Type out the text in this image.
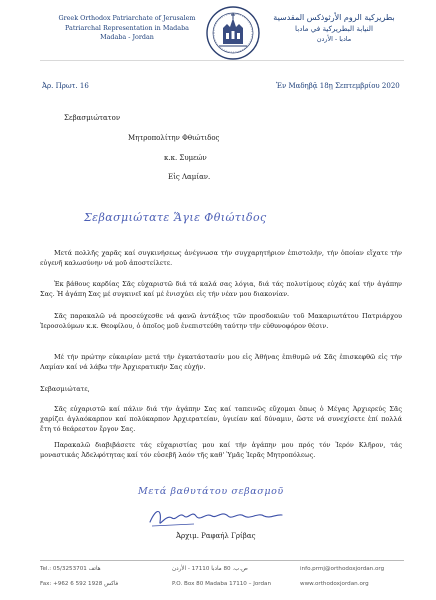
Greek Orthodox Patriarchate of Jerusalem
Patriarchal Representation in Madaba
Madaba - Jordan
بطريركية الروم الأرثوذكس المقدسية
النيابة البطريركية في مادبا
مادبا - الأردن
Ἀρ. Πρωτ. 16	Ἐν Μαδηβᾷ 18ῃ Σεπτεμβρίου 2020
Σεβασμιώτατον
Μητροπολίτην Φθιώτιδος
κ.κ. Συμεών
Εἰς Λαμίαν.
Σεβασμιώτατε Ἅγιε Φθιώτιδος

Μετά πολλῆς χαρᾶς καί συγκινήσεως ἀνέγνωσα τήν συγχαρητήριον ἐπιστολήν, τήν ὁποίαν εἴχατε τήν εὐγενῆ καλωσύνην νά μοῦ ἀποστείλετε.

Ἐκ βάθους καρδίας Σᾶς εὐχαριστῶ διά τά καλά σας λόγια, διά τάς πολυτίμους εὐχάς καί τήν ἀγάπην Σας. Ἡ ἀγάπη Σας μέ συγκινεῖ καί μέ ἐνισχύει εἰς τήν νέαν μου διακονίαν.

Σᾶς παρακαλῶ νά προσεύχεσθε νά φανῶ ἀντάξιος τῶν προσδοκιῶν τοῦ Μακαριωτάτου Πατριάρχου Ἱεροσολύμων κ.κ. Θεοφίλου, ὁ ὁποῖος μοῦ ἐνεπιστεύθη ταύτην τήν εὐθυνοφόρον θέσιν.

Μέ τήν πρώτην εὐκαιρίαν μετά τήν ἐγκατάστασίν μου εἰς Ἀθήνας ἐπιθυμῶ νά Σᾶς ἐπισκεφθῶ εἰς τήν Λαμίαν καί νά λάβω τήν Ἀρχιερατικήν Σας εὐχήν.

Σεβασμιώτατε,

Σᾶς εὐχαριστῶ καί πάλιν διά τήν ἀγάπην Σας καί ταπεινῶς εὔχομαι ὅπως ὁ Μέγας Ἀρχιερεύς Σᾶς χαρίζει ἀγλαόκαρπον καί πολύκαρπον Ἀρχιερατείαν, ὑγιείαν καί δύναμιν, ὥστε νά συνεχίσετε ἐπί πολλά ἔτη τό θεάρεστον ἔργον Σας.

Παρακαλῶ διαβιβάσετε τάς εὐχαριστίας μου καί τήν ἀγάπην μου πρός τόν Ἱερόν Κλῆρον, τάς μοναστικάς Ἀδελφότητας καί τόν εὐσεβῆ λαόν τῆς καθ' Ὑμᾶς Ἱερᾶς Μητροπόλεως.

Μετά βαθυτάτου σεβασμοῦ
Ἀρχιμ. Ραφαήλ Γρίβας
Tel.: 05/3253701 هاتف	ص.ب. 80 مادبا 17110 - الأردن	info.prmj@orthodoxjordan.org
Fax: +962 6 592 1928 فاكس	P.O. Box 80 Madaba 17110 – Jordan	www.orthodoxjordan.org
